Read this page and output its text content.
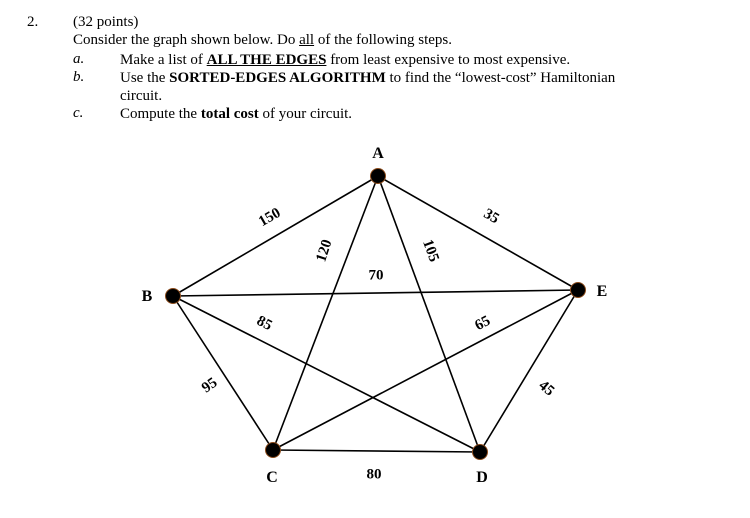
2. (32 points)
Consider the graph shown below. Do all of the following steps.
a. Make a list of ALL THE EDGES from least expensive to most expensive.
b. Use the SORTED-EDGES ALGORITHM to find the “lowest-cost” Hamiltonian circuit.
c. Compute the total cost of your circuit.
A
B
C	D
E
150
120	105
35
70
85
95
65
45
80
